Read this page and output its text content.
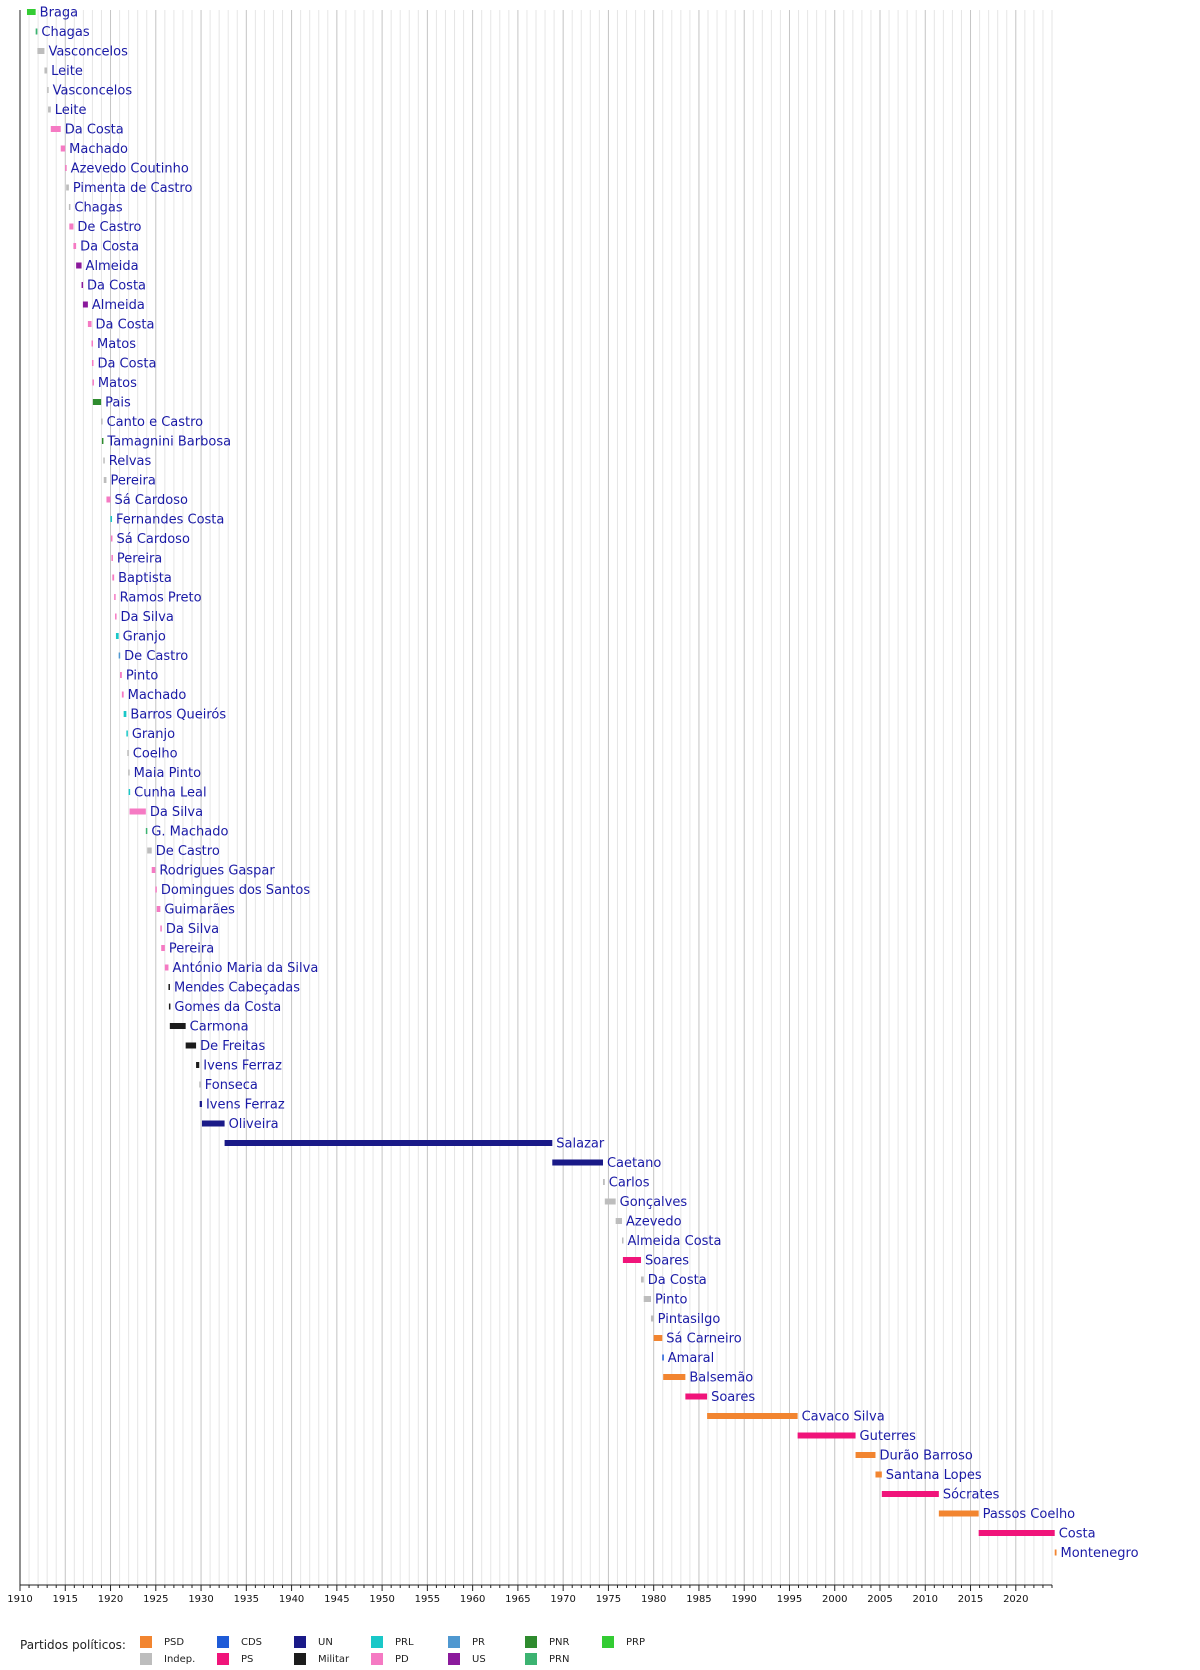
1910 1915 1920 1925 1930 1935 1940 1945 1950 1955 1960 1965 1970 1975 1980 1985 1990 1995 2000 2005 2010 2015 2020
Braga
Chagas
Vasconcelos
Leite
Vasconcelos
Leite
Da Costa
Machado
Azevedo Coutinho
Pimenta de Castro
Chagas
De Castro
Da Costa
Almeida
Da Costa
Almeida
Da Costa
Matos
Da Costa
Matos
Pais
Canto e Castro
Tamagnini Barbosa
Relvas
Pereira
Sá Cardoso
Fernandes Costa
Sá Cardoso
Pereira
Baptista
Ramos Preto
Da Silva
Granjo
De Castro
Pinto
Machado
Barros Queirós
Granjo
Coelho
Maia Pinto
Cunha Leal
Da Silva
G. Machado
De Castro
Rodrigues Gaspar
Domingues dos Santos
Guimarães
Da Silva
Pereira
António Maria da Silva
Mendes Cabeçadas
Gomes da Costa
Carmona
De Freitas
Ivens Ferraz
Fonseca
Ivens Ferraz
Oliveira
Salazar
Caetano
Carlos
Gonçalves
Azevedo
Almeida Costa
Soares
Da Costa
Pinto
Pintasilgo
Sá Carneiro
Amaral
Balsemão
Soares
Cavaco Silva
Guterres
Durão Barroso
Santana Lopes
Sócrates
Passos Coelho
Costa
Montenegro
Partidos políticos:	PSD	CDS	UN	PRL	PR	PNR	PRP
Indep.	PS	Militar	PD	US	PRN
